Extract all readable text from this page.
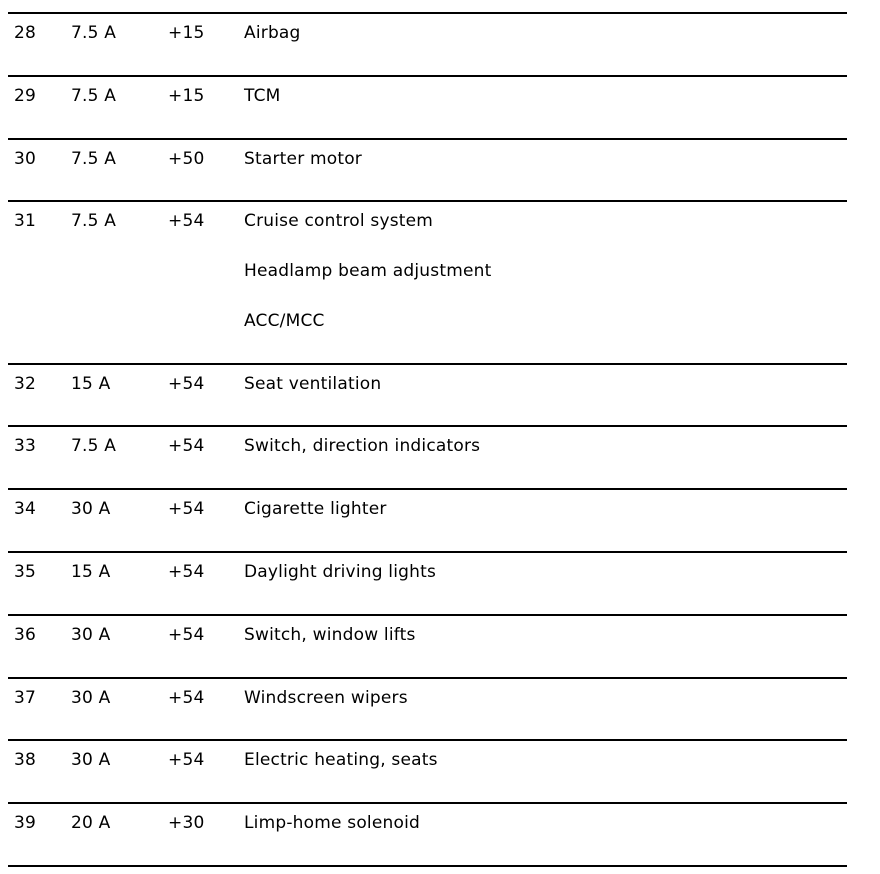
28 7.5 A	+15 Airbag
29 7.5 A	+15 TCM
30 7.5 A	+50 Starter motor
31 7.5 A	+54 Cruise control system
Headlamp beam adjustment
ACC/MCC
32 15 A	+54 Seat ventilation
33 7.5 A	+54 Switch, direction indicators
34 30 A	+54 Cigarette lighter
35 15 A	+54 Daylight driving lights
36 30 A	+54 Switch, window lifts
37 30 A	+54 Windscreen wipers
38 30 A	+54 Electric heating, seats
39 20 A	+30 Limp-home solenoid
